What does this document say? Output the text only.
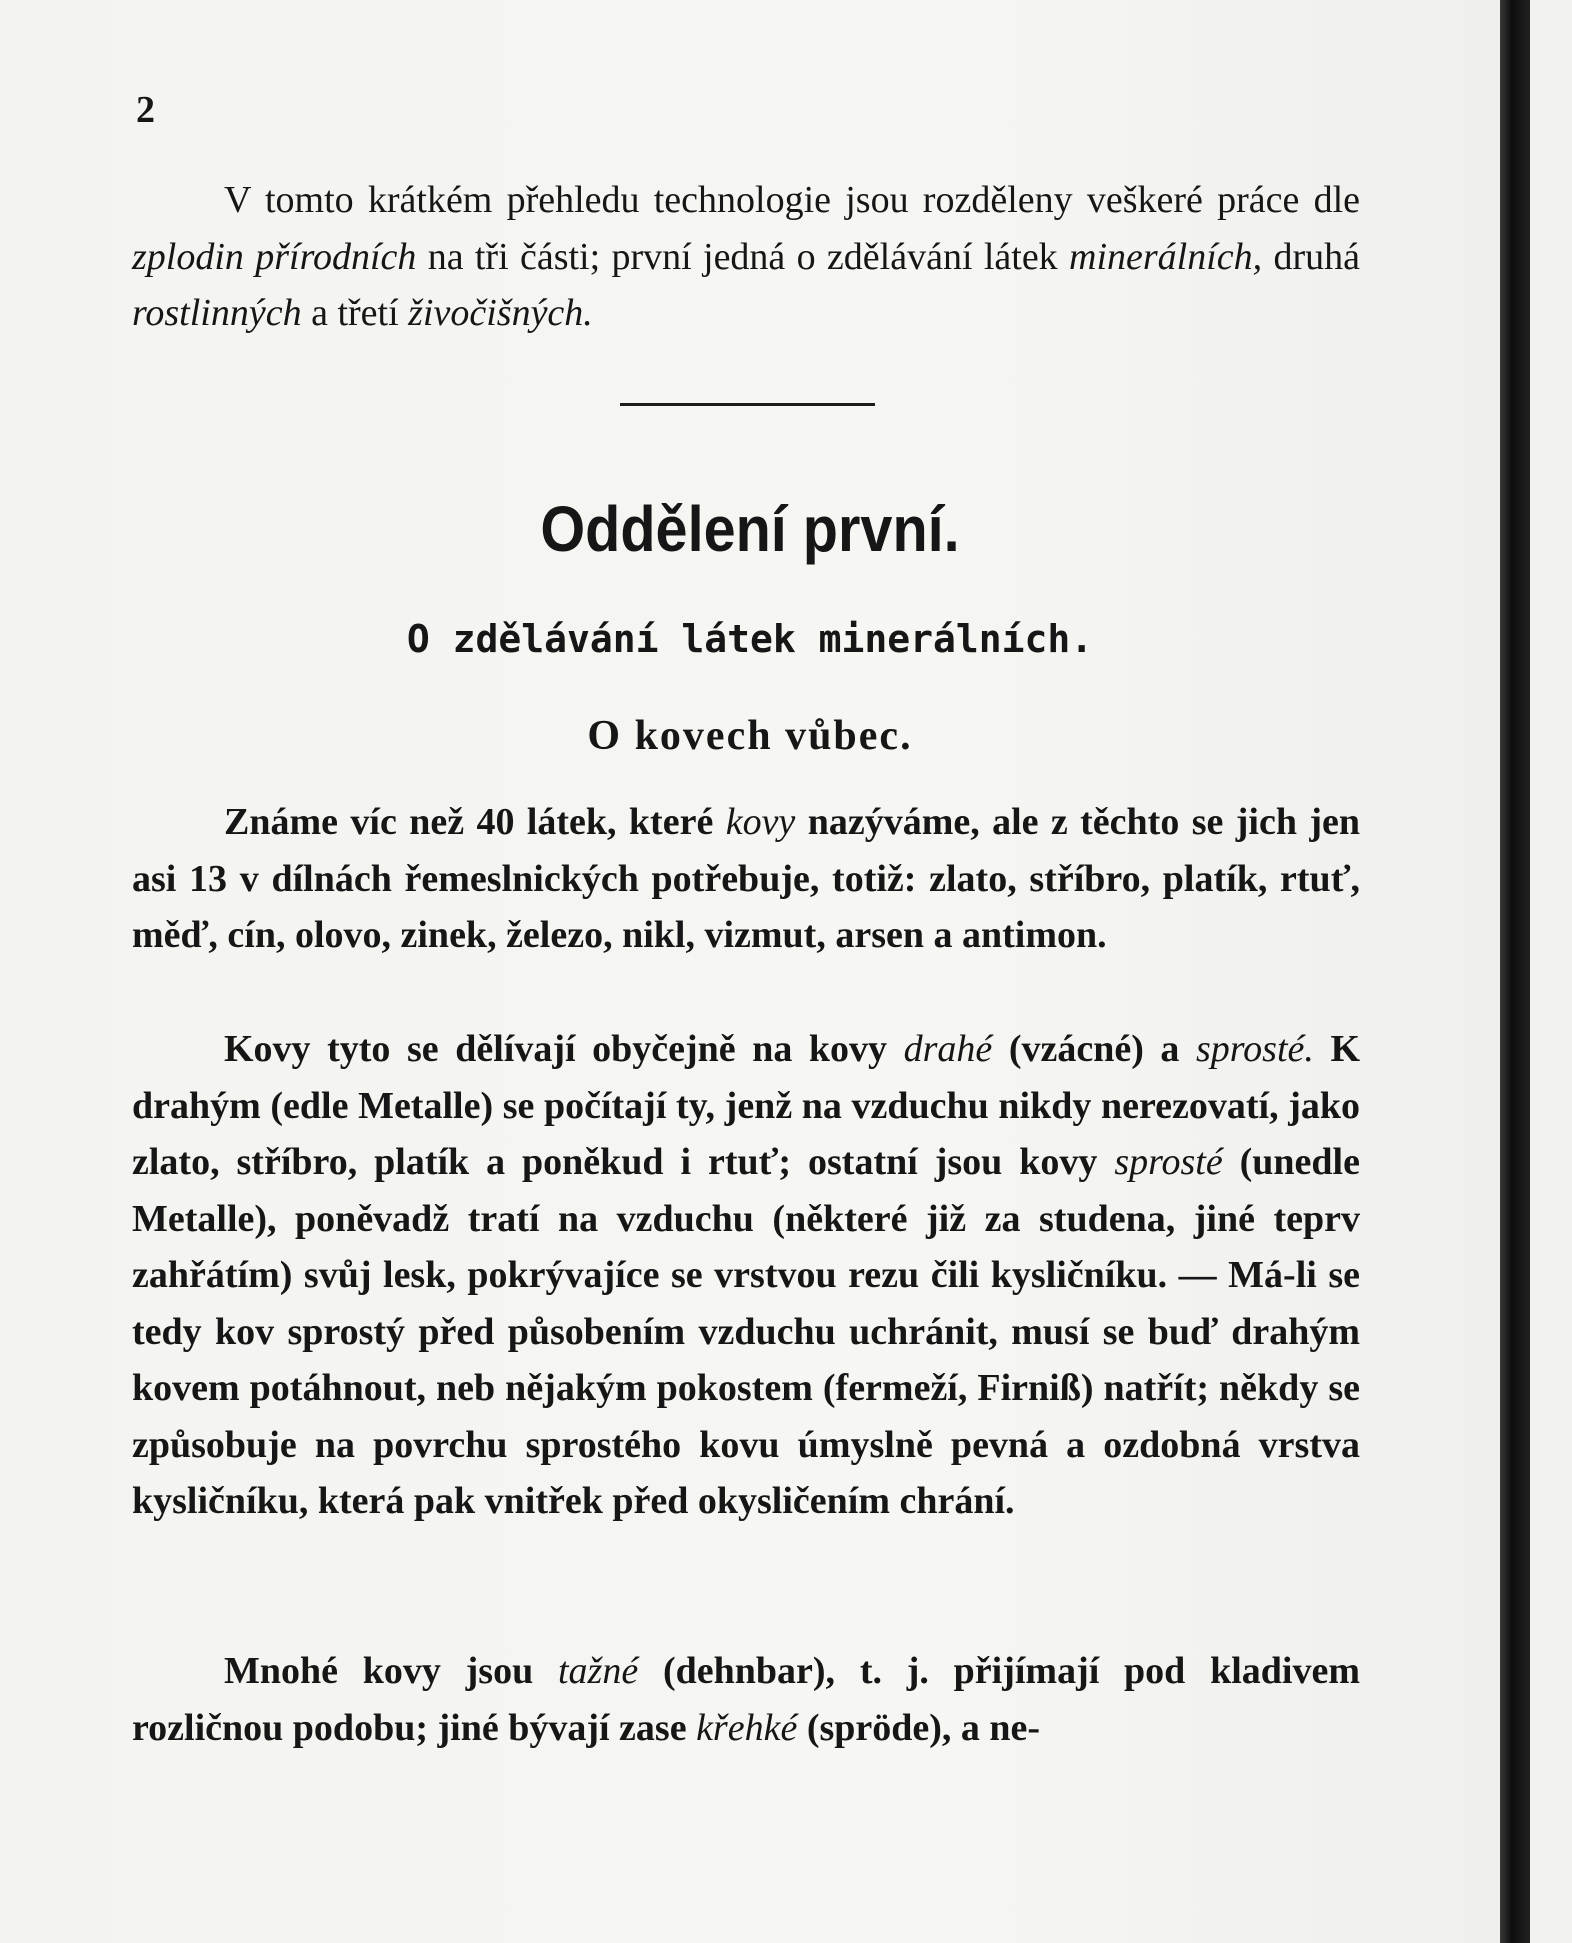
2

V tomto krátkém přehledu technologie jsou rozděleny veškeré práce dle zplodin přírodních na tři části; první jedná o zdělávání látek minerálních, druhá rostlinných a třetí živočišných.

Oddělení první.
O zdělávání látek minerálních.
O kovech vůbec.

Známe víc než 40 látek, které kovy nazýváme, ale z těchto se jich jen asi 13 v dílnách řemeslnických potřebuje, totiž: zlato, stříbro, platík, rtuť, měď, cín, olovo, zinek, železo, nikl, vizmut, arsen a antimon.

Kovy tyto se dělívají obyčejně na kovy drahé (vzácné) a sprosté. K drahým (edle Metalle) se počítají ty, jenž na vzduchu nikdy nerezovatí, jako zlato, stříbro, platík a poněkud i rtuť; ostatní jsou kovy sprosté (unedle Metalle), poněvadž tratí na vzduchu (některé již za studena, jiné teprv zahřátím) svůj lesk, pokrývajíce se vrstvou rezu čili kysličníku. — Má-li se tedy kov sprostý před působením vzduchu uchránit, musí se buď drahým kovem potáhnout, neb nějakým pokostem (fermeží, Firniß) natřít; někdy se způsobuje na povrchu sprostého kovu úmyslně pevná a ozdobná vrstva kysličníku, která pak vnitřek před okysličením chrání.

Mnohé kovy jsou tažné (dehnbar), t. j. přijímají pod kladivem rozličnou podobu; jiné bývají zase křehké (spröde), a ne-
